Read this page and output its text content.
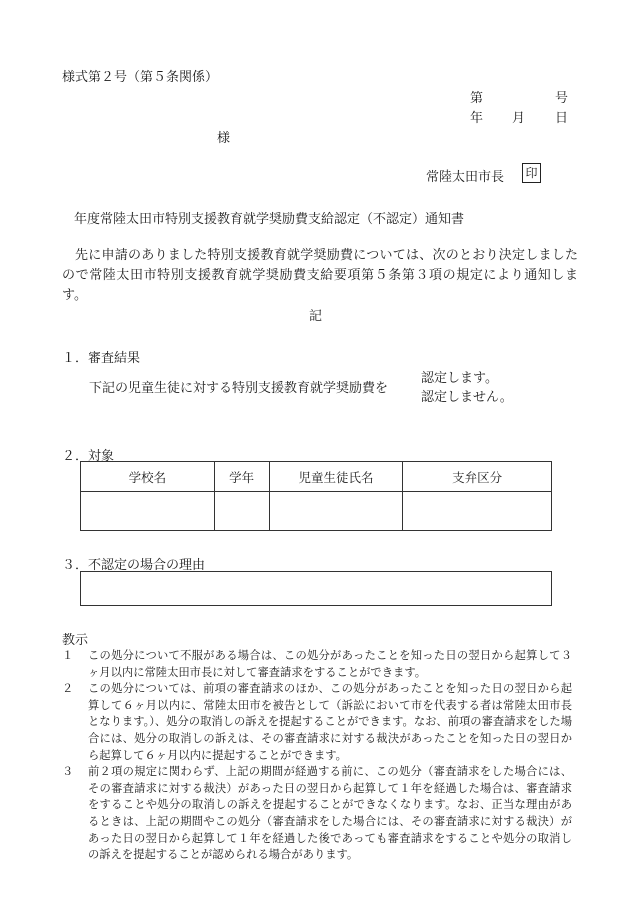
様式第２号（第５条関係）
第	号
年 月 日
様
常陸太田市長 印
年度常陸太田市特別支援教育就学奨励費支給認定（不認定）通知書
先に申請のありました特別支援教育就学奨励費については、次のとおり決定しましたので常陸太田市特別支援教育就学奨励費支給要項第５条第３項の規定により通知します。
記
１．審査結果
下記の児童生徒に対する特別支援教育就学奨励費を
認定します。
認定しません。
２．対象
学校名	学年	児童生徒氏名	支弁区分

３．不認定の場合の理由
教示
１	この処分について不服がある場合は、この処分があったことを知った日の翌日から起算して３ヶ月以内に常陸太田市長に対して審査請求をすることができます。
２	この処分については、前項の審査請求のほか、この処分があったことを知った日の翌日から起算して６ヶ月以内に、常陸太田市を被告として（訴訟において市を代表する者は常陸太田市長となります。）、処分の取消しの訴えを提起することができます。なお、前項の審査請求をした場合には、処分の取消しの訴えは、その審査請求に対する裁決があったことを知った日の翌日から起算して６ヶ月以内に提起することができます。
３	前２項の規定に関わらず、上記の期間が経過する前に、この処分（審査請求をした場合には、その審査請求に対する裁決）があった日の翌日から起算して１年を経過した場合は、審査請求をすることや処分の取消しの訴えを提起することができなくなります。なお、正当な理由があるときは、上記の期間やこの処分（審査請求をした場合には、その審査請求に対する裁決）があった日の翌日から起算して１年を経過した後であっても審査請求をすることや処分の取消しの訴えを提起することが認められる場合があります。
